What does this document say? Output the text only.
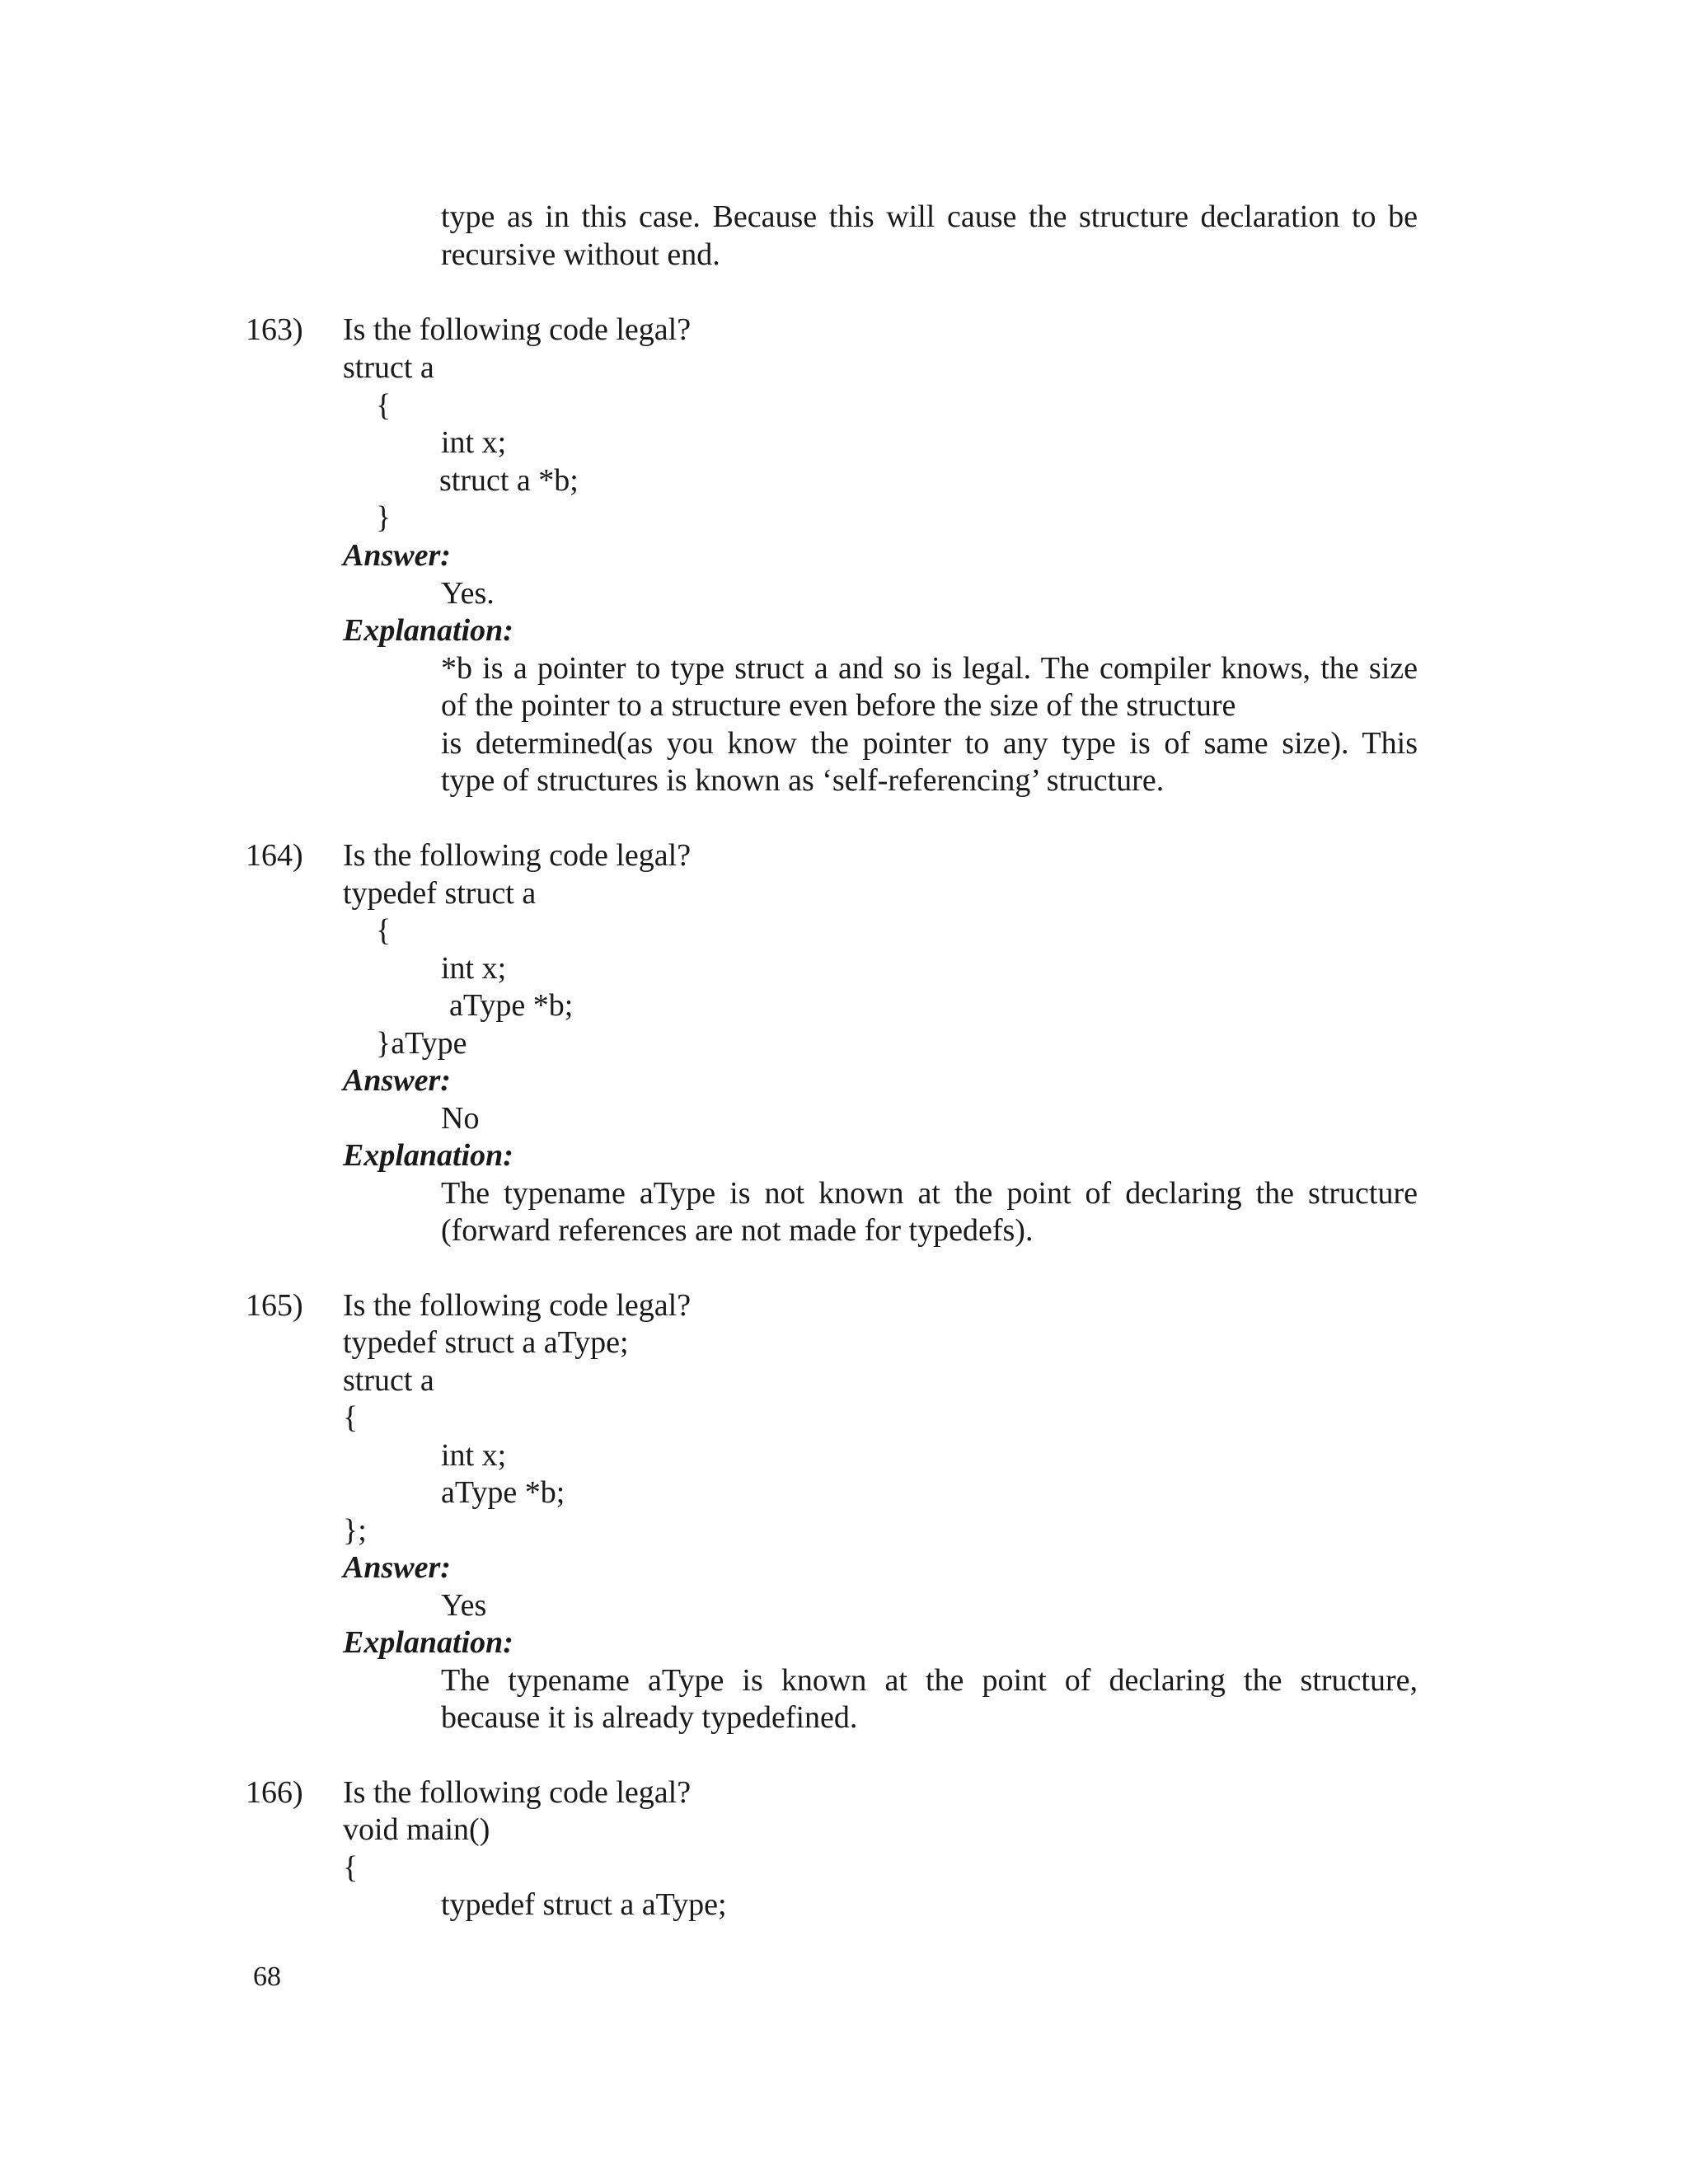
type as in this case. Because this will cause the structure declaration to be
recursive without end.
163) Is the following code legal?
struct a
{
int x;
struct a *b;
}
Answer:
Yes.
Explanation:
*b is a pointer to type struct a and so is legal. The compiler knows, the size
of the pointer to a structure even before the size of the structure
is determined(as you know the pointer to any type is of same size). This
type of structures is known as ‘self-referencing’ structure.
164) Is the following code legal?
typedef struct a
{
int x;
aType *b;
}aType
Answer:
No
Explanation:
The typename aType is not known at the point of declaring the structure
(forward references are not made for typedefs).
165) Is the following code legal?
typedef struct a aType;
struct a
{
int x;
aType *b;
};
Answer:
Yes
Explanation:
The typename aType is known at the point of declaring the structure,
because it is already typedefined.
166) Is the following code legal?
void main()
{
typedef struct a aType;
68
